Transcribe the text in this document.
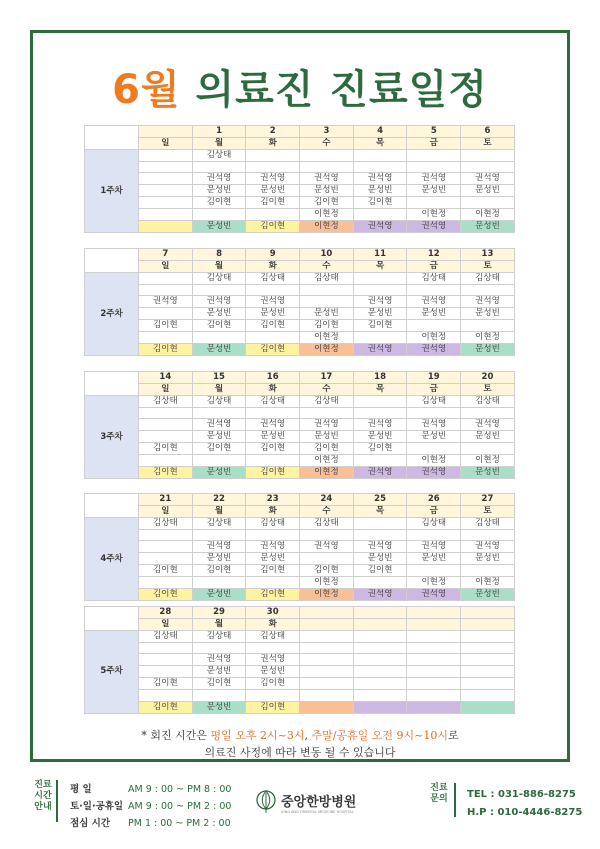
6월 의료진 진료일정
		1	2	3	4	5	6
	일	월	화	수	목	금	토
1주차		김상태					

		권석영	권석영	권석영	권석영	권석영	권석영
		문성빈	문성빈	문성빈	문성빈	문성빈	문성빈
		김이현	김이현	김이현	김이현		
				이현정		이현정	이현정
		문성빈	김이현	이현정	권석영	권석영	문성빈
	7	8	9	10	11	12	13
	일	월	화	수	목	금	토
2주차		김상태	김상태	김상태		김상태	김상태

	권석영	권석영	권석영		권석영	권석영	권석영
		문성빈	문성빈	문성빈	문성빈	문성빈	문성빈
	김이현	김이현	김이현	김이현	김이현		
				이현정		이현정	이현정
	김이현	문성빈	김이현	이현정	권석영	권석영	문성빈
	14	15	16	17	18	19	20
	일	월	화	수	목	금	토
3주차	김상태	김상태	김상태	김상태		김상태	김상태

		권석영	권석영	권석영	권석영	권석영	권석영
		문성빈	문성빈	문성빈	문성빈	문성빈	문성빈
	김이현	김이현	김이현	김이현	김이현		
				이현정		이현정	이현정
	김이현	문성빈	김이현	이현정	권석영	권석영	문성빈
	21	22	23	24	25	26	27
	일	월	화	수	목	금	토
4주차	김상태	김상태	김상태	김상태		김상태	김상태

		권석영	권석영	권석영	권석영	권석영	권석영
		문성빈	문성빈		문성빈	문성빈	문성빈
	김이현	김이현	김이현	김이현	김이현		
				이현정		이현정	이현정
	김이현	문성빈	김이현	이현정	권석영	권석영	문성빈
	28	29	30				
	일	월	화				
5주차	김상태	김상태	김상태				

		권석영	권석영				
		문성빈	문성빈				
	김이현	김이현	김이현				

	김이현	문성빈	김이현				
* 회진 시간은 평일 오후 2시~3시, 주말/공휴일 오전 9시~10시로
의료진 사정에 따라 변동 될 수 있습니다
진료
시간
안내
평 일	AM 9 : 00 ~ PM 8 : 00
토·일·공휴일 AM 9 : 00 ~ PM 2 : 00
점심 시간	PM 1 : 00 ~ PM 2 : 00
중앙한방병원
JUNG ANG ORIENTAL MEDICINE HOSPITAL
진료
문의 TEL : 031-886-8275
H.P : 010-4446-8275
